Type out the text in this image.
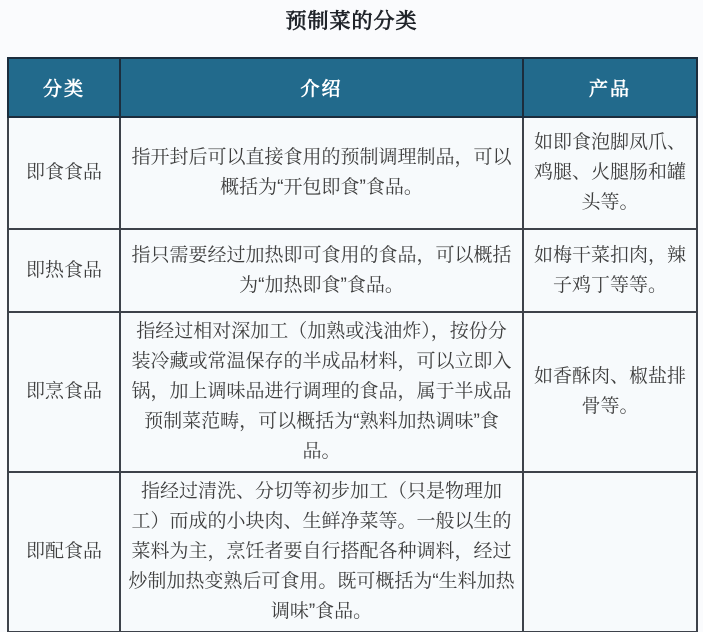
预制菜的分类
分类	介绍	产品
即食食品	指开封后可以直接食用的预制调理制品，可以概括为“开包即食”食品。	如即食泡脚凤爪、鸡腿、火腿肠和罐头等。
即热食品	指只需要经过加热即可食用的食品，可以概括为“加热即食”食品。	如梅干菜扣肉，辣子鸡丁等等。
即烹食品	指经过相对深加工（加熟或浅油炸），按份分装冷藏或常温保存的半成品材料，可以立即入锅，加上调味品进行调理的食品，属于半成品预制菜范畴，可以概括为“熟料加热调味”食品。	如香酥肉、椒盐排骨等。
即配食品	指经过清洗、分切等初步加工（只是物理加工）而成的小块肉、生鲜净菜等。一般以生的菜料为主，烹饪者要自行搭配各种调料，经过炒制加热变熟后可食用。既可概括为“生料加热调味”食品。	
